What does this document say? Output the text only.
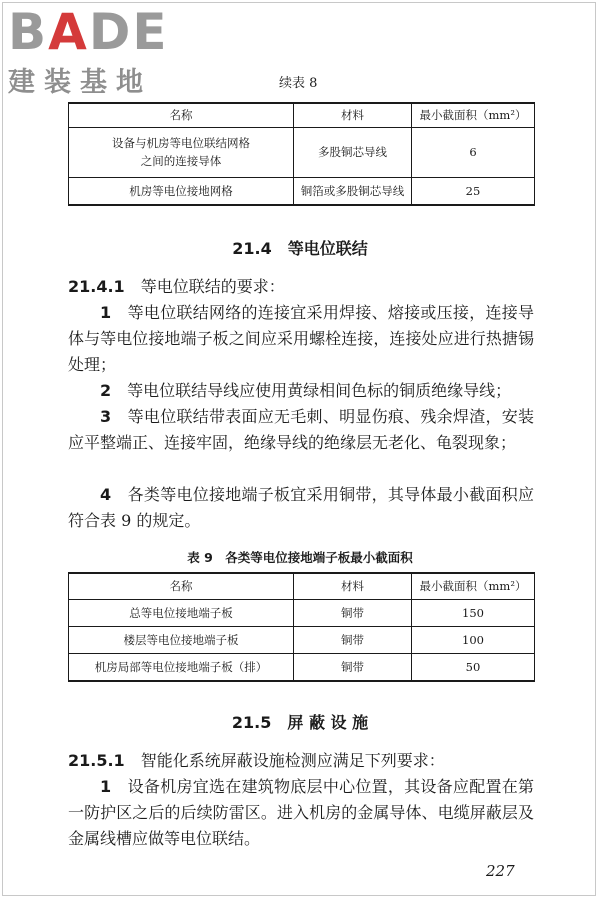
BADE
建装基地	续表 8
名称	材料	最小截面积（mm²）
设备与机房等电位联结网格
之间的连接导体	多股铜芯导线	6
机房等电位接地网格	铜箔或多股铜芯导线	25
21.4　 等电位联结
21.4.1　 等电位联结的要求：
1　 等电位联结网络的连接宜采用焊接、熔接或压接，连接导体与等电位接地端子板之间应采用螺栓连接，连接处应进行热搪锡处理；
2　 等电位联结导线应使用黄绿相间色标的铜质绝缘导线；
3　 等电位联结带表面应无毛刺、明显伤痕、残余焊渣，安装应平整端正、连接牢固，绝缘导线的绝缘层无老化、龟裂现象；
4　 各类等电位接地端子板宜采用铜带，其导体最小截面积应符合表 9 的规定。
表 9　各类等电位接地端子板最小截面积
名称	材料	最小截面积（mm²）
总等电位接地端子板	铜带	150
楼层等电位接地端子板	铜带	100
机房局部等电位接地端子板（排）	铜带	50
21.5　 屏 蔽 设 施
21.5.1　 智能化系统屏蔽设施检测应满足下列要求：
1　 设备机房宜选在建筑物底层中心位置，其设备应配置在第一防护区之后的后续防雷区。进入机房的金属导体、电缆屏蔽层及金属线槽应做等电位联结。
227
